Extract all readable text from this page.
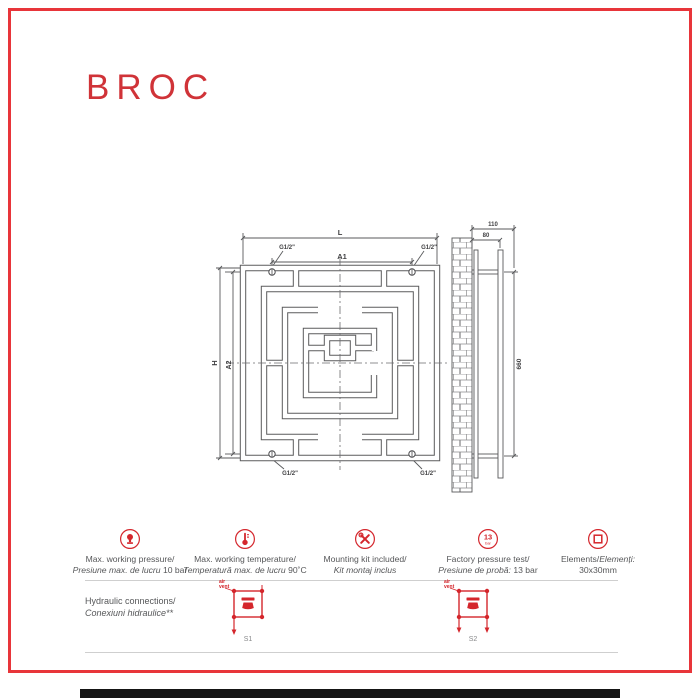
BROC
L
A1
H A2
G1/2"	G1/2"
G1/2"	G1/2"
110
80
660
Max. working pressure/
Presiune max. de lucru 10 bar
Max. working temperature/
Temperatură max. de lucru 90˚C
Mounting kit included/
Kit montaj inclus
13
bar
Factory pressure test/
Presiune de probă: 13 bar
Elements/Elemenți:
30x30mm
Hydraulic connections/
Conexiuni hidraulice**
S1
air vent
S2
air vent
